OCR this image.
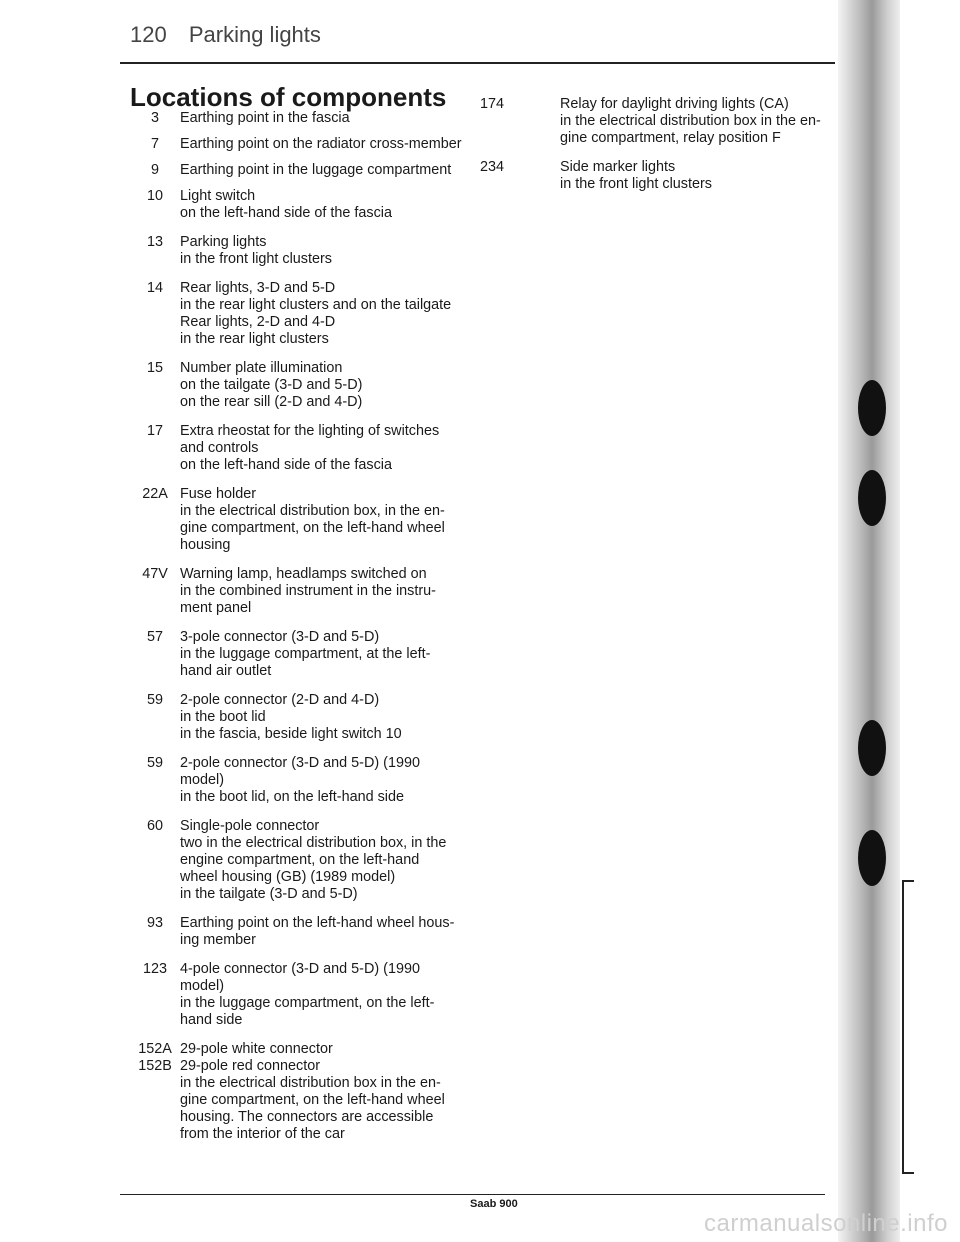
120 Parking lights
Locations of components
3	Earthing point in the fascia
7	Earthing point on the radiator cross-member
9	Earthing point in the luggage compartment
10	Light switch
on the left-hand side of the fascia
13	Parking lights
in the front light clusters
14	Rear lights, 3-D and 5-D
in the rear light clusters and on the tailgate
Rear lights, 2-D and 4-D
in the rear light clusters
15	Number plate illumination
on the tailgate (3-D and 5-D)
on the rear sill (2-D and 4-D)
17	Extra rheostat for the lighting of switches
and controls
on the left-hand side of the fascia
22A Fuse holder
in the electrical distribution box, in the en-
gine compartment, on the left-hand wheel
housing
47V Warning lamp, headlamps switched on
in the combined instrument in the instru-
ment panel
57	3-pole connector (3-D and 5-D)
in the luggage compartment, at the left-
hand air outlet
59	2-pole connector (2-D and 4-D)
in the boot lid
in the fascia, beside light switch 10
59	2-pole connector (3-D and 5-D) (1990
model)
in the boot lid, on the left-hand side
60	Single-pole connector
two in the electrical distribution box, in the
engine compartment, on the left-hand
wheel housing (GB) (1989 model)
in the tailgate (3-D and 5-D)
93	Earthing point on the left-hand wheel hous-
ing member
123 4-pole connector (3-D and 5-D) (1990
model)
in the luggage compartment, on the left-
hand side
152A 29-pole white connector
152B 29-pole red connector
in the electrical distribution box in the en-
gine compartment, on the left-hand wheel
housing. The connectors are accessible
from the interior of the car
174	Relay for daylight driving lights (CA)
in the electrical distribution box in the en-
gine compartment, relay position F
234	Side marker lights
in the front light clusters
Saab 900
carmanualsonline.info
